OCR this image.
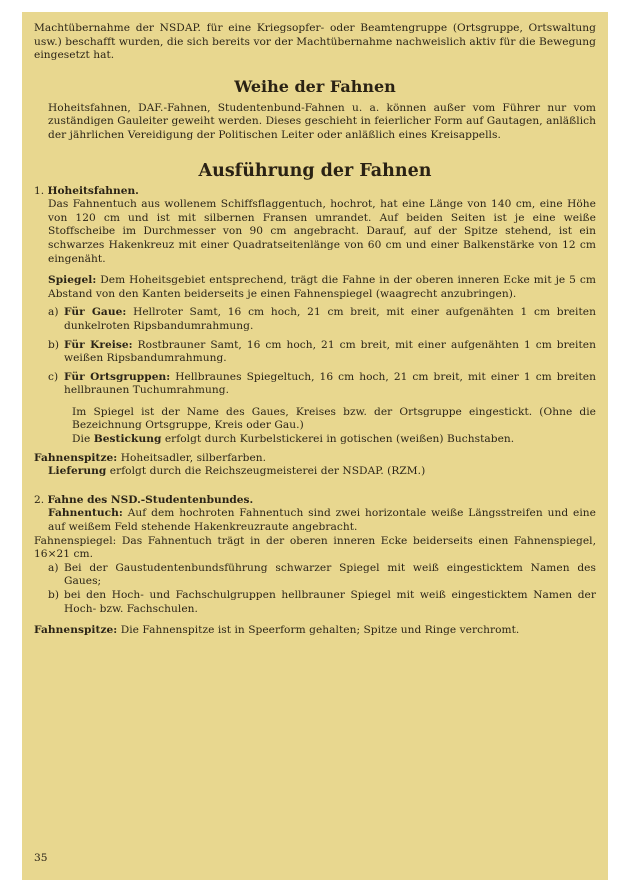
Machtübernahme der NSDAP. für eine Kriegsopfer- oder Beamtengruppe (Ortsgruppe, Ortswaltung usw.) beschafft wurden, die sich bereits vor der Machtübernahme nachweislich aktiv für die Bewegung eingesetzt hat.

Weihe der Fahnen

Hoheitsfahnen, DAF.-Fahnen, Studentenbund-Fahnen u. a. können außer vom Führer nur vom zuständigen Gauleiter geweiht werden. Dieses geschieht in feierlicher Form auf Gautagen, anläßlich der jährlichen Vereidigung der Politischen Leiter oder anläßlich eines Kreisappells.

Ausführung der Fahnen
1. Hoheitsfahnen.

Das Fahnentuch aus wollenem Schiffsflaggentuch, hochrot, hat eine Länge von 140 cm, eine Höhe von 120 cm und ist mit silbernen Fransen umrandet. Auf beiden Seiten ist je eine weiße Stoffscheibe im Durchmesser von 90 cm angebracht. Darauf, auf der Spitze stehend, ist ein schwarzes Hakenkreuz mit einer Quadratseitenlänge von 60 cm und einer Balkenstärke von 12 cm eingenäht.

Spiegel: Dem Hoheitsgebiet entsprechend, trägt die Fahne in der oberen inneren Ecke mit je 5 cm Abstand von den Kanten beiderseits je einen Fahnenspiegel (waagrecht anzubringen).

a) Für Gaue: Hellroter Samt, 16 cm hoch, 21 cm breit, mit einer aufgenähten 1 cm breiten dunkelroten Ripsbandumrahmung.
b) Für Kreise: Rostbrauner Samt, 16 cm hoch, 21 cm breit, mit einer aufgenähten 1 cm breiten weißen Ripsbandumrahmung.
c) Für Ortsgruppen: Hellbraunes Spiegeltuch, 16 cm hoch, 21 cm breit, mit einer 1 cm breiten hellbraunen Tuchumrahmung.

Im Spiegel ist der Name des Gaues, Kreises bzw. der Ortsgruppe eingestickt. (Ohne die Bezeichnung Ortsgruppe, Kreis oder Gau.)

Die Bestickung erfolgt durch Kurbelstickerei in gotischen (weißen) Buchstaben.

Fahnenspitze: Hoheitsadler, silberfarben.

Lieferung erfolgt durch die Reichszeugmeisterei der NSDAP. (RZM.)

2. Fahne des NSD.-Studentenbundes.

Fahnentuch: Auf dem hochroten Fahnentuch sind zwei horizontale weiße Längsstreifen und eine auf weißem Feld stehende Hakenkreuzraute angebracht.

Fahnenspiegel: Das Fahnentuch trägt in der oberen inneren Ecke beiderseits einen Fahnenspiegel, 16×21 cm.

a) Bei der Gaustudentenbundsführung schwarzer Spiegel mit weiß eingesticktem Namen des Gaues;
b) bei den Hoch- und Fachschulgruppen hellbrauner Spiegel mit weiß eingesticktem Namen der Hoch- bzw. Fachschulen.

Fahnenspitze: Die Fahnenspitze ist in Speerform gehalten; Spitze und Ringe verchromt.

35
